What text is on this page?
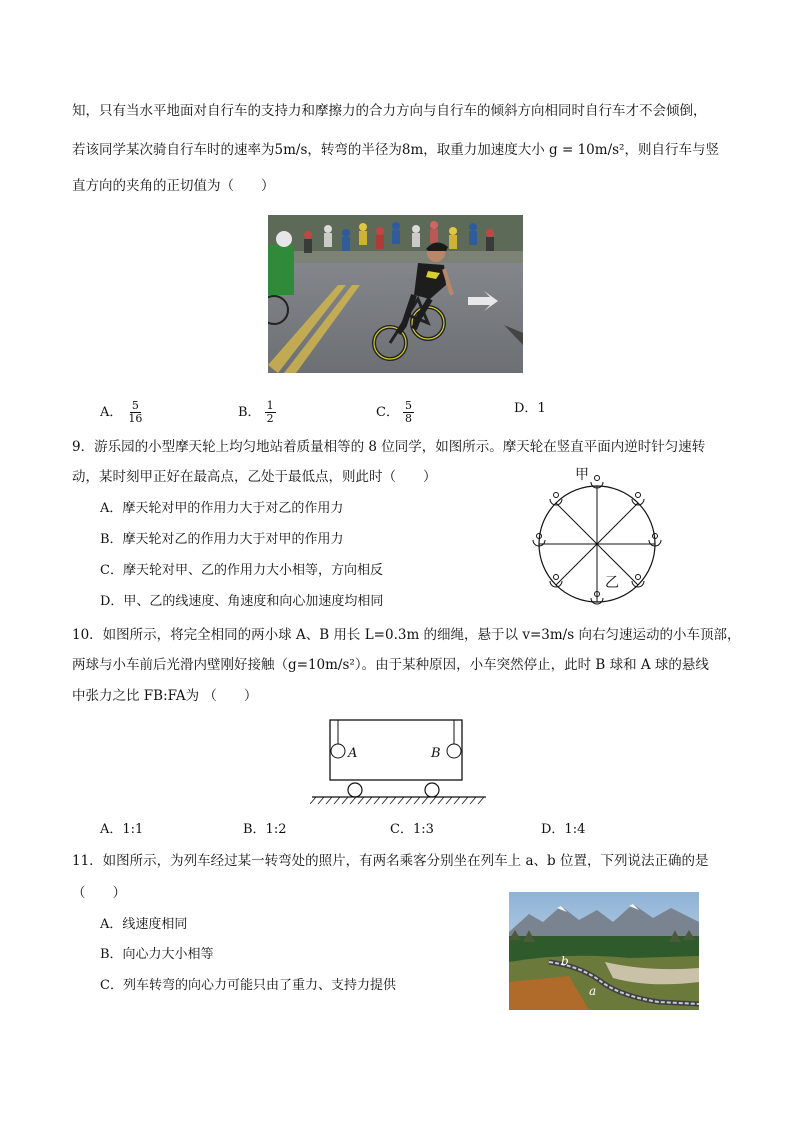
知，只有当水平地面对自行车的支持力和摩擦力的合力方向与自行车的倾斜方向相同时自行车才不会倾倒，
若该同学某次骑自行车时的速率为5m/s，转弯的半径为8m，取重力加速度大小 g = 10m/s²，则自行车与竖
直方向的夹角的正切值为（　　）
A． $\frac{5}{16}$	B． $\frac{1}{2}$	C． $\frac{5}{8}$	D．1
9．游乐园的小型摩天轮上均匀地站着质量相等的 8 位同学，如图所示。摩天轮在竖直平面内逆时针匀速转
动，某时刻甲正好在最高点，乙处于最低点，则此时（　　）
A．摩天轮对甲的作用力大于对乙的作用力
B．摩天轮对乙的作用力大于对甲的作用力
C．摩天轮对甲、乙的作用力大小相等，方向相反
D．甲、乙的线速度、角速度和向心加速度均相同
甲
乙
10．如图所示，将完全相同的两小球 A、B 用长 L=0.3m 的细绳，悬于以 v=3m/s 向右匀速运动的小车顶部，
两球与小车前后光滑内壁刚好接触（g=10m/s²）。由于某种原因，小车突然停止，此时 B 球和 A 球的悬线
中张力之比 FB:FA为 （　　）
A	B
A．1:1	B．1:2	C．1:3	D．1:4
11．如图所示，为列车经过某一转弯处的照片，有两名乘客分别坐在列车上 a、b 位置，下列说法正确的是
（　　）
A．线速度相同
B．向心力大小相等
C．列车转弯的向心力可能只由了重力、支持力提供
b
a
